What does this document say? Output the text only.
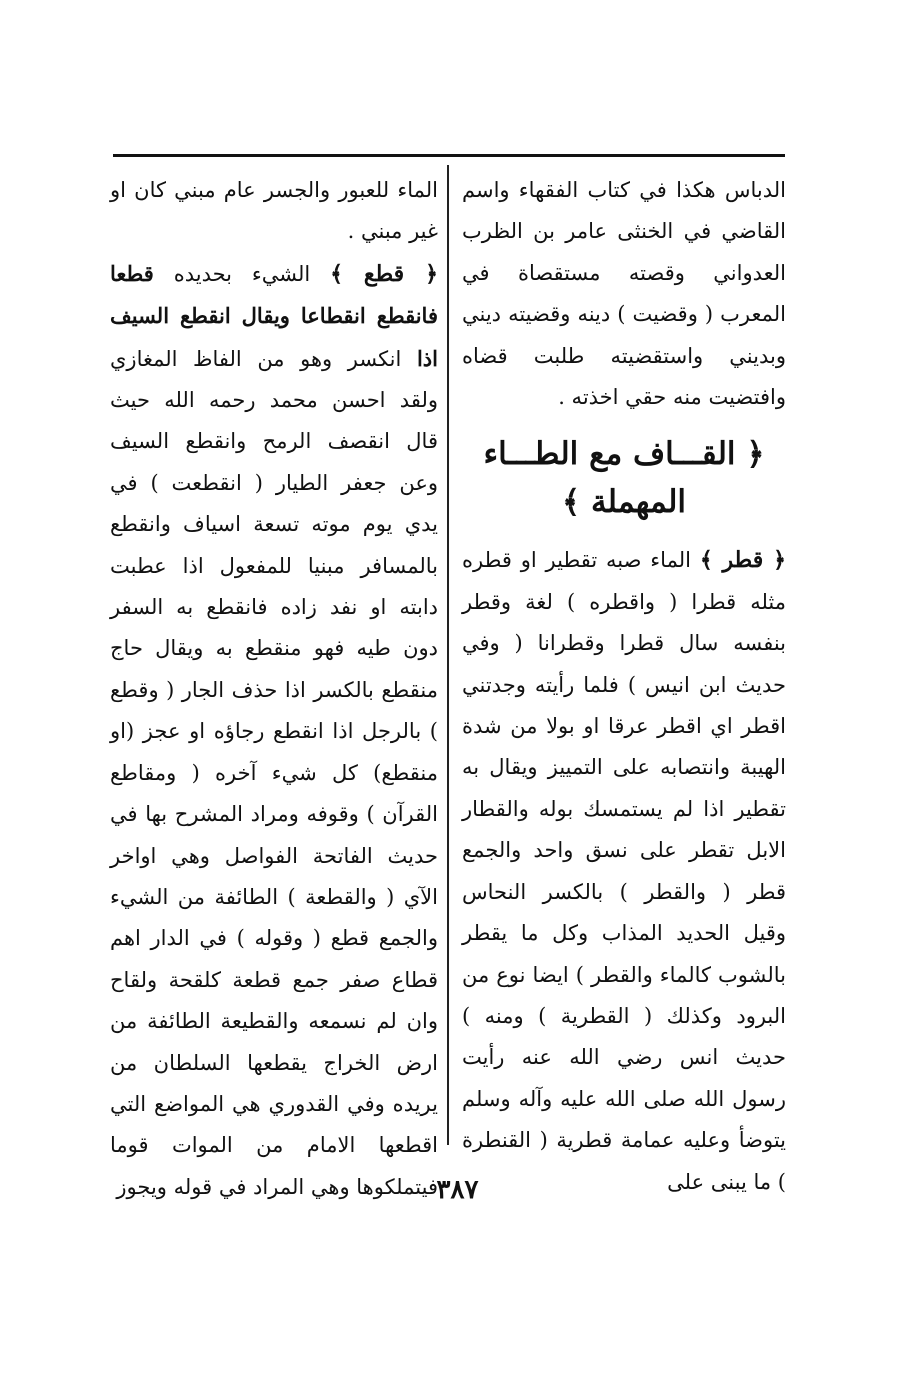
الدباس هكذا في كتاب الفقهاء واسم القاضي في الخنثى عامر بن الظرب العدواني وقصته مستقصاة في المعرب ( وقضيت ) دينه وقضيته ديني وبديني واستقضيته طلبت قضاه وافتضيت منه حقي اخذته .

﴿ القـــاف مع الطـــاء المهملة ﴾

﴿ قطر ﴾ الماء صبه تقطير او قطره مثله قطرا ( واقطره ) لغة وقطر بنفسه سال قطرا وقطرانا ( وفي حديث ابن انيس ) فلما رأيته وجدتني اقطر اي اقطر عرقا او بولا من شدة الهيبة وانتصابه على التمييز ويقال به تقطير اذا لم يستمسك بوله والقطار الابل تقطر على نسق واحد والجمع قطر ( والقطر ) بالكسر النحاس وقيل الحديد المذاب وكل ما يقطر بالشوب كالماء والقطر ) ايضا نوع من البرود وكذلك ( القطرية ) ومنه ) حديث انس رضي الله عنه رأيت رسول الله صلى الله عليه وآله وسلم يتوضأ وعليه عمامة قطرية ( القنطرة ) ما يبنى على

الماء للعبور والجسر عام مبني كان او غير مبني .

﴿ قطع ﴾ الشيء بحديده قطعا فانقطع انقطاعا ويقال انقطع السيف اذا انكسر وهو من الفاظ المغازي ولقد احسن محمد رحمه الله حيث قال انقصف الرمح وانقطع السيف وعن جعفر الطيار ( انقطعت ) في يدي يوم موته تسعة اسياف وانقطع بالمسافر مبنيا للمفعول اذا عطبت دابته او نفد زاده فانقطع به السفر دون طيه فهو منقطع به ويقال حاج منقطع بالكسر اذا حذف الجار ( وقطع ) بالرجل اذا انقطع رجاؤه او عجز (او منقطع) كل شيء آخره ( ومقاطع القرآن ) وقوفه ومراد المشرح بها في حديث الفاتحة الفواصل وهي اواخر الآي ( والقطعة ) الطائفة من الشيء والجمع قطع ( وقوله ) في الدار اهم قطاع صفر جمع قطعة كلقحة ولقاح وان لم نسمعه والقطيعة الطائفة من ارض الخراج يقطعها السلطان من يريده وفي القدوري هي المواضع التي اقطعها الامام من الموات قوما فيتملكوها وهي المراد في قوله ويجوز

٣٨٧
